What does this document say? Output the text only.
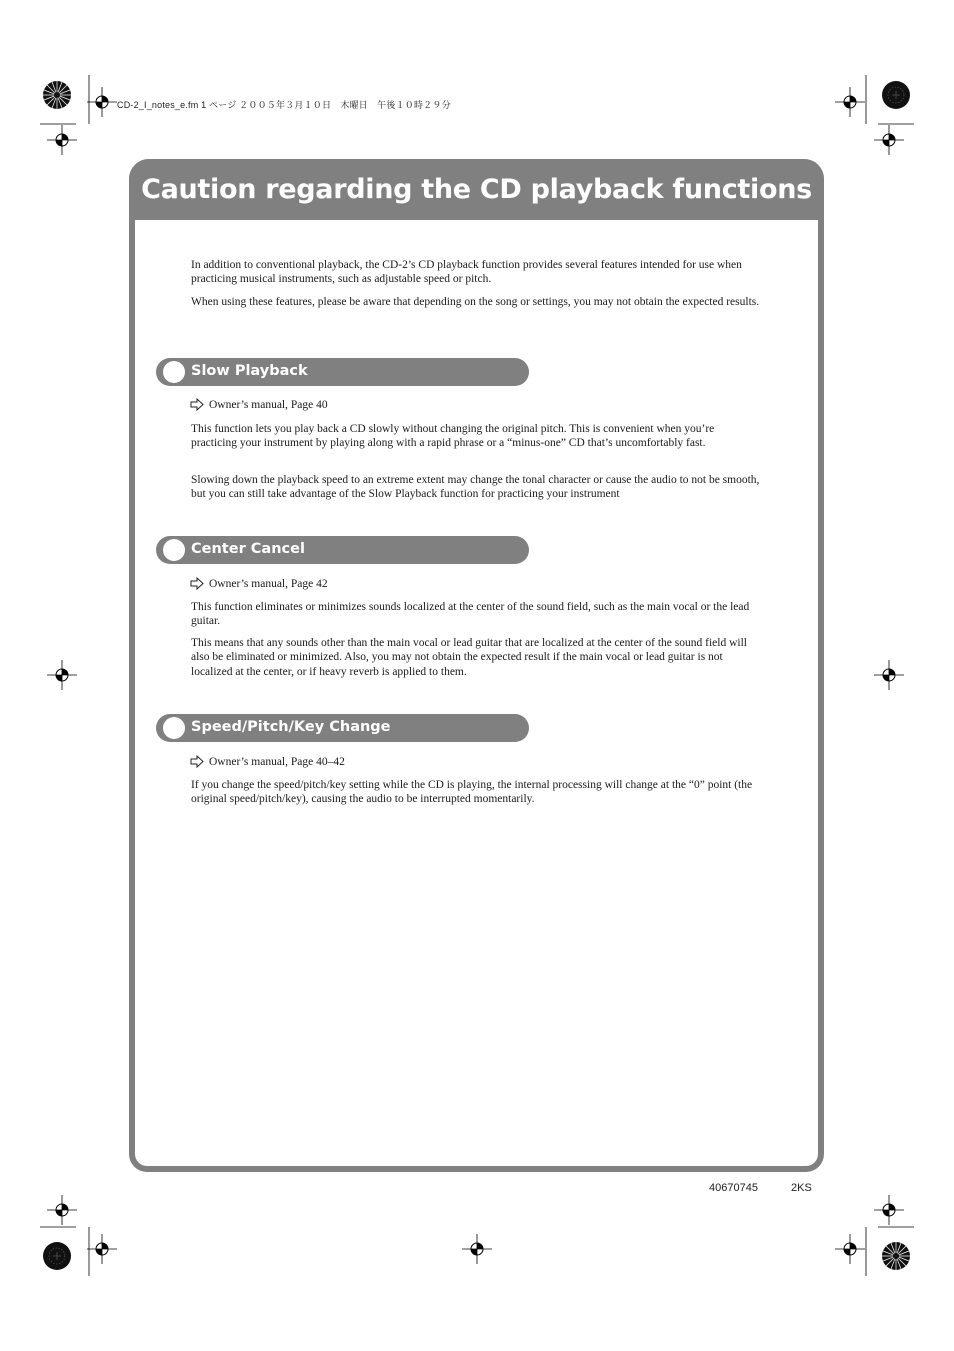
CD-2_I_notes_e.fm 1 ページ ２００５年３月１０日　木曜日　午後１０時２９分
Caution regarding the CD playback functions

In addition to conventional playback, the CD-2’s CD playback function provides several features intended for use when practicing musical instruments, such as adjustable speed or pitch.

When using these features, please be aware that depending on the song or settings, you may not obtain the expected results.

Slow Playback
Owner’s manual, Page 40

This function lets you play back a CD slowly without changing the original pitch. This is convenient when you’re practicing your instrument by playing along with a rapid phrase or a “minus-one” CD that’s uncomfortably fast.

Slowing down the playback speed to an extreme extent may change the tonal character or cause the audio to not be smooth, but you can still take advantage of the Slow Playback function for practicing your instrument

Center Cancel
Owner’s manual, Page 42

This function eliminates or minimizes sounds localized at the center of the sound field, such as the main vocal or the lead guitar.

This means that any sounds other than the main vocal or lead guitar that are localized at the center of the sound field will also be eliminated or minimized. Also, you may not obtain the expected result if the main vocal or lead guitar is not localized at the center, or if heavy reverb is applied to them.

Speed/Pitch/Key Change
Owner’s manual, Page 40–42

If you change the speed/pitch/key setting while the CD is playing, the internal processing will change at the “0” point (the original speed/pitch/key), causing the audio to be interrupted momentarily.

40670745	2KS
